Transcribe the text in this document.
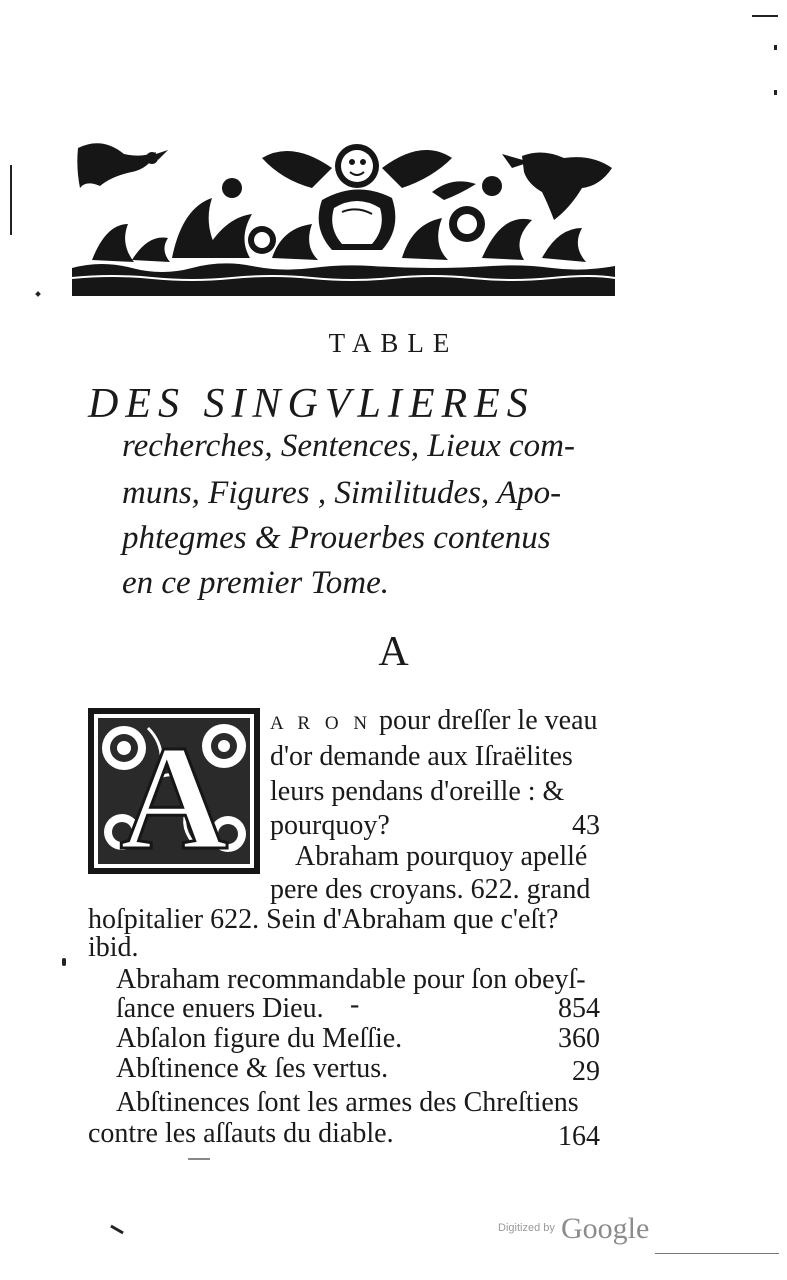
TABLE
DES SINGVLIERES
recherches, Sentences, Lieux com-
muns, Figures , Similitudes, Apo-
phtegmes & Prouerbes contenus
en ce premier Tome.
A
A A R O N pour dreſſer le veau
d'or demande aux Iſraëlites
leurs pendans d'oreille : &
pourquoy?	43
Abraham pourquoy apellé
pere des croyans. 622. grand
hoſpitalier 622. Sein d'Abraham que c'eſt?
ibid.
Abraham recommandable pour ſon obeyſ-
ſance enuers Dieu. -	854
Abſalon figure du Meſſie.	360
Abſtinence & ſes vertus.	29
Abſtinences ſont les armes des Chreſtiens
contre les aſſauts du diable.	164
Digitized by Google
